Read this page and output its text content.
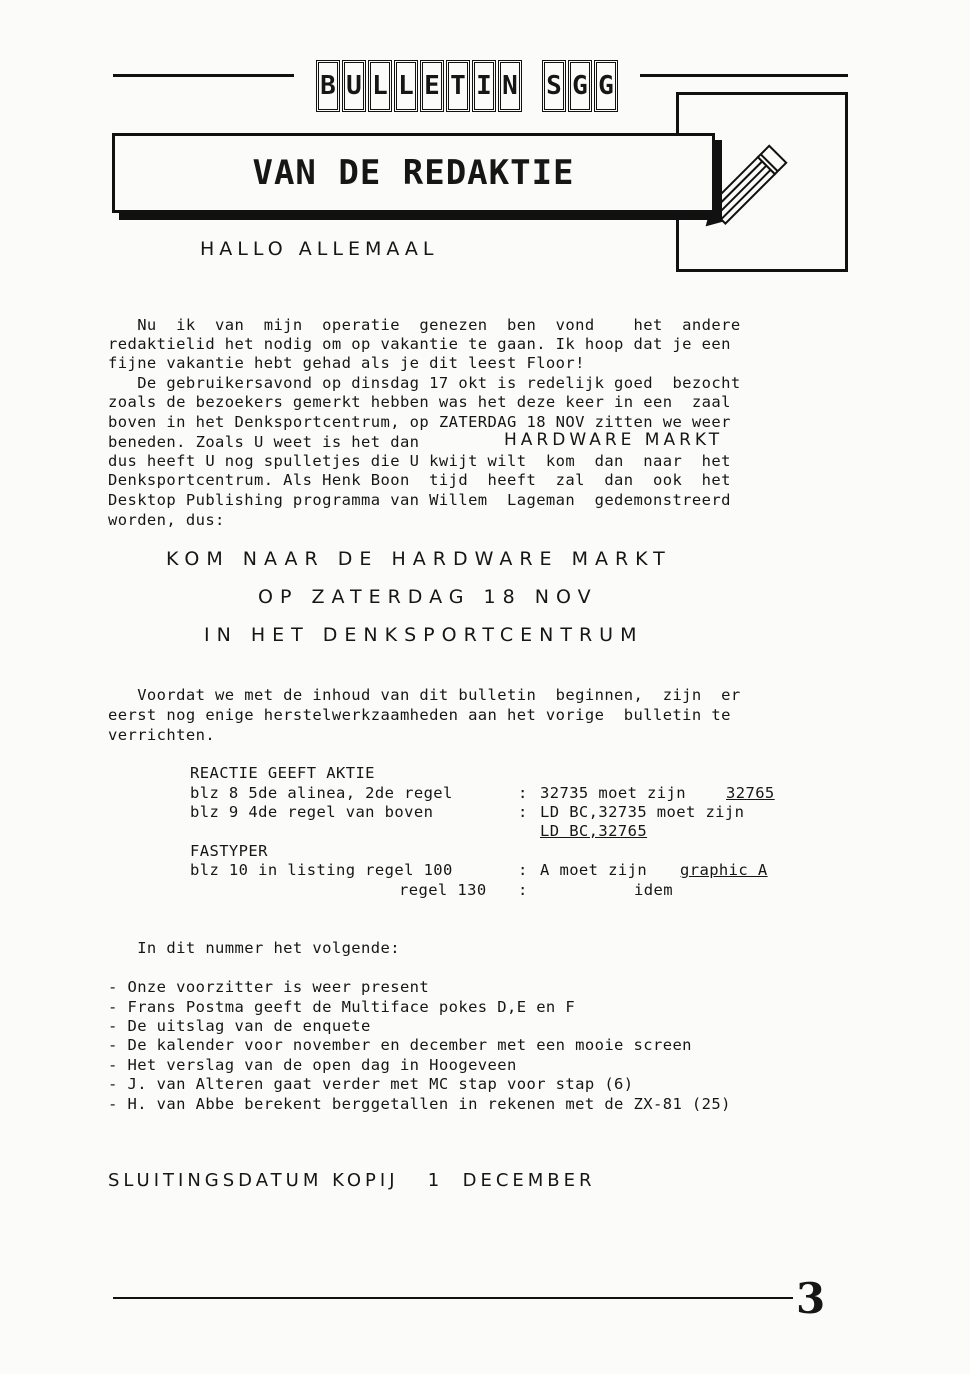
B U L L E T I N S G G
VAN DE REDAKTIE
HALLO ALLEMAAL
Nu  ik  van  mijn  operatie  genezen  ben  vond    het  andere
redaktielid het nodig om op vakantie te gaan. Ik hoop dat je een
fijne vakantie hebt gehad als je dit leest Floor!
De gebruikersavond op dinsdag 17 okt is redelijk goed  bezocht
zoals de bezoekers gemerkt hebben was het deze keer in een  zaal
boven in het Denksportcentrum, op ZATERDAG 18 NOV zitten we weer
beneden. Zoals U weet is het dan	HARDWARE MARKT
dus heeft U nog spulletjes die U kwijt wilt  kom  dan  naar  het
Denksportcentrum. Als Henk Boon  tijd  heeft  zal  dan  ook  het
Desktop Publishing programma van Willem  Lageman  gedemonstreerd
worden, dus:
KOM NAAR DE HARDWARE MARKT
OP ZATERDAG 18 NOV
IN HET DENKSPORTCENTRUM
Voordat we met de inhoud van dit bulletin  beginnen,  zijn  er
eerst nog enige herstelwerkzaamheden aan het vorige  bulletin te
verrichten.
REACTIE GEEFT AKTIE
blz 8 5de alinea, 2de regel	: 32735 moet zijn	32765
blz 9 4de regel van boven	: LD BC,32735 moet zijn
LD BC,32765
FASTYPER
blz 10 in listing regel 100	: A moet zijn graphic A
regel 130 :	idem
In dit nummer het volgende:
- Onze voorzitter is weer present
- Frans Postma geeft de Multiface pokes D,E en F
- De uitslag van de enquete
- De kalender voor november en december met een mooie screen
- Het verslag van de open dag in Hoogeveen
- J. van Alteren gaat verder met MC stap voor stap (6)
- H. van Abbe berekent berggetallen in rekenen met de ZX-81 (25)
SLUITINGSDATUM KOPIJ   1  DECEMBER
3
